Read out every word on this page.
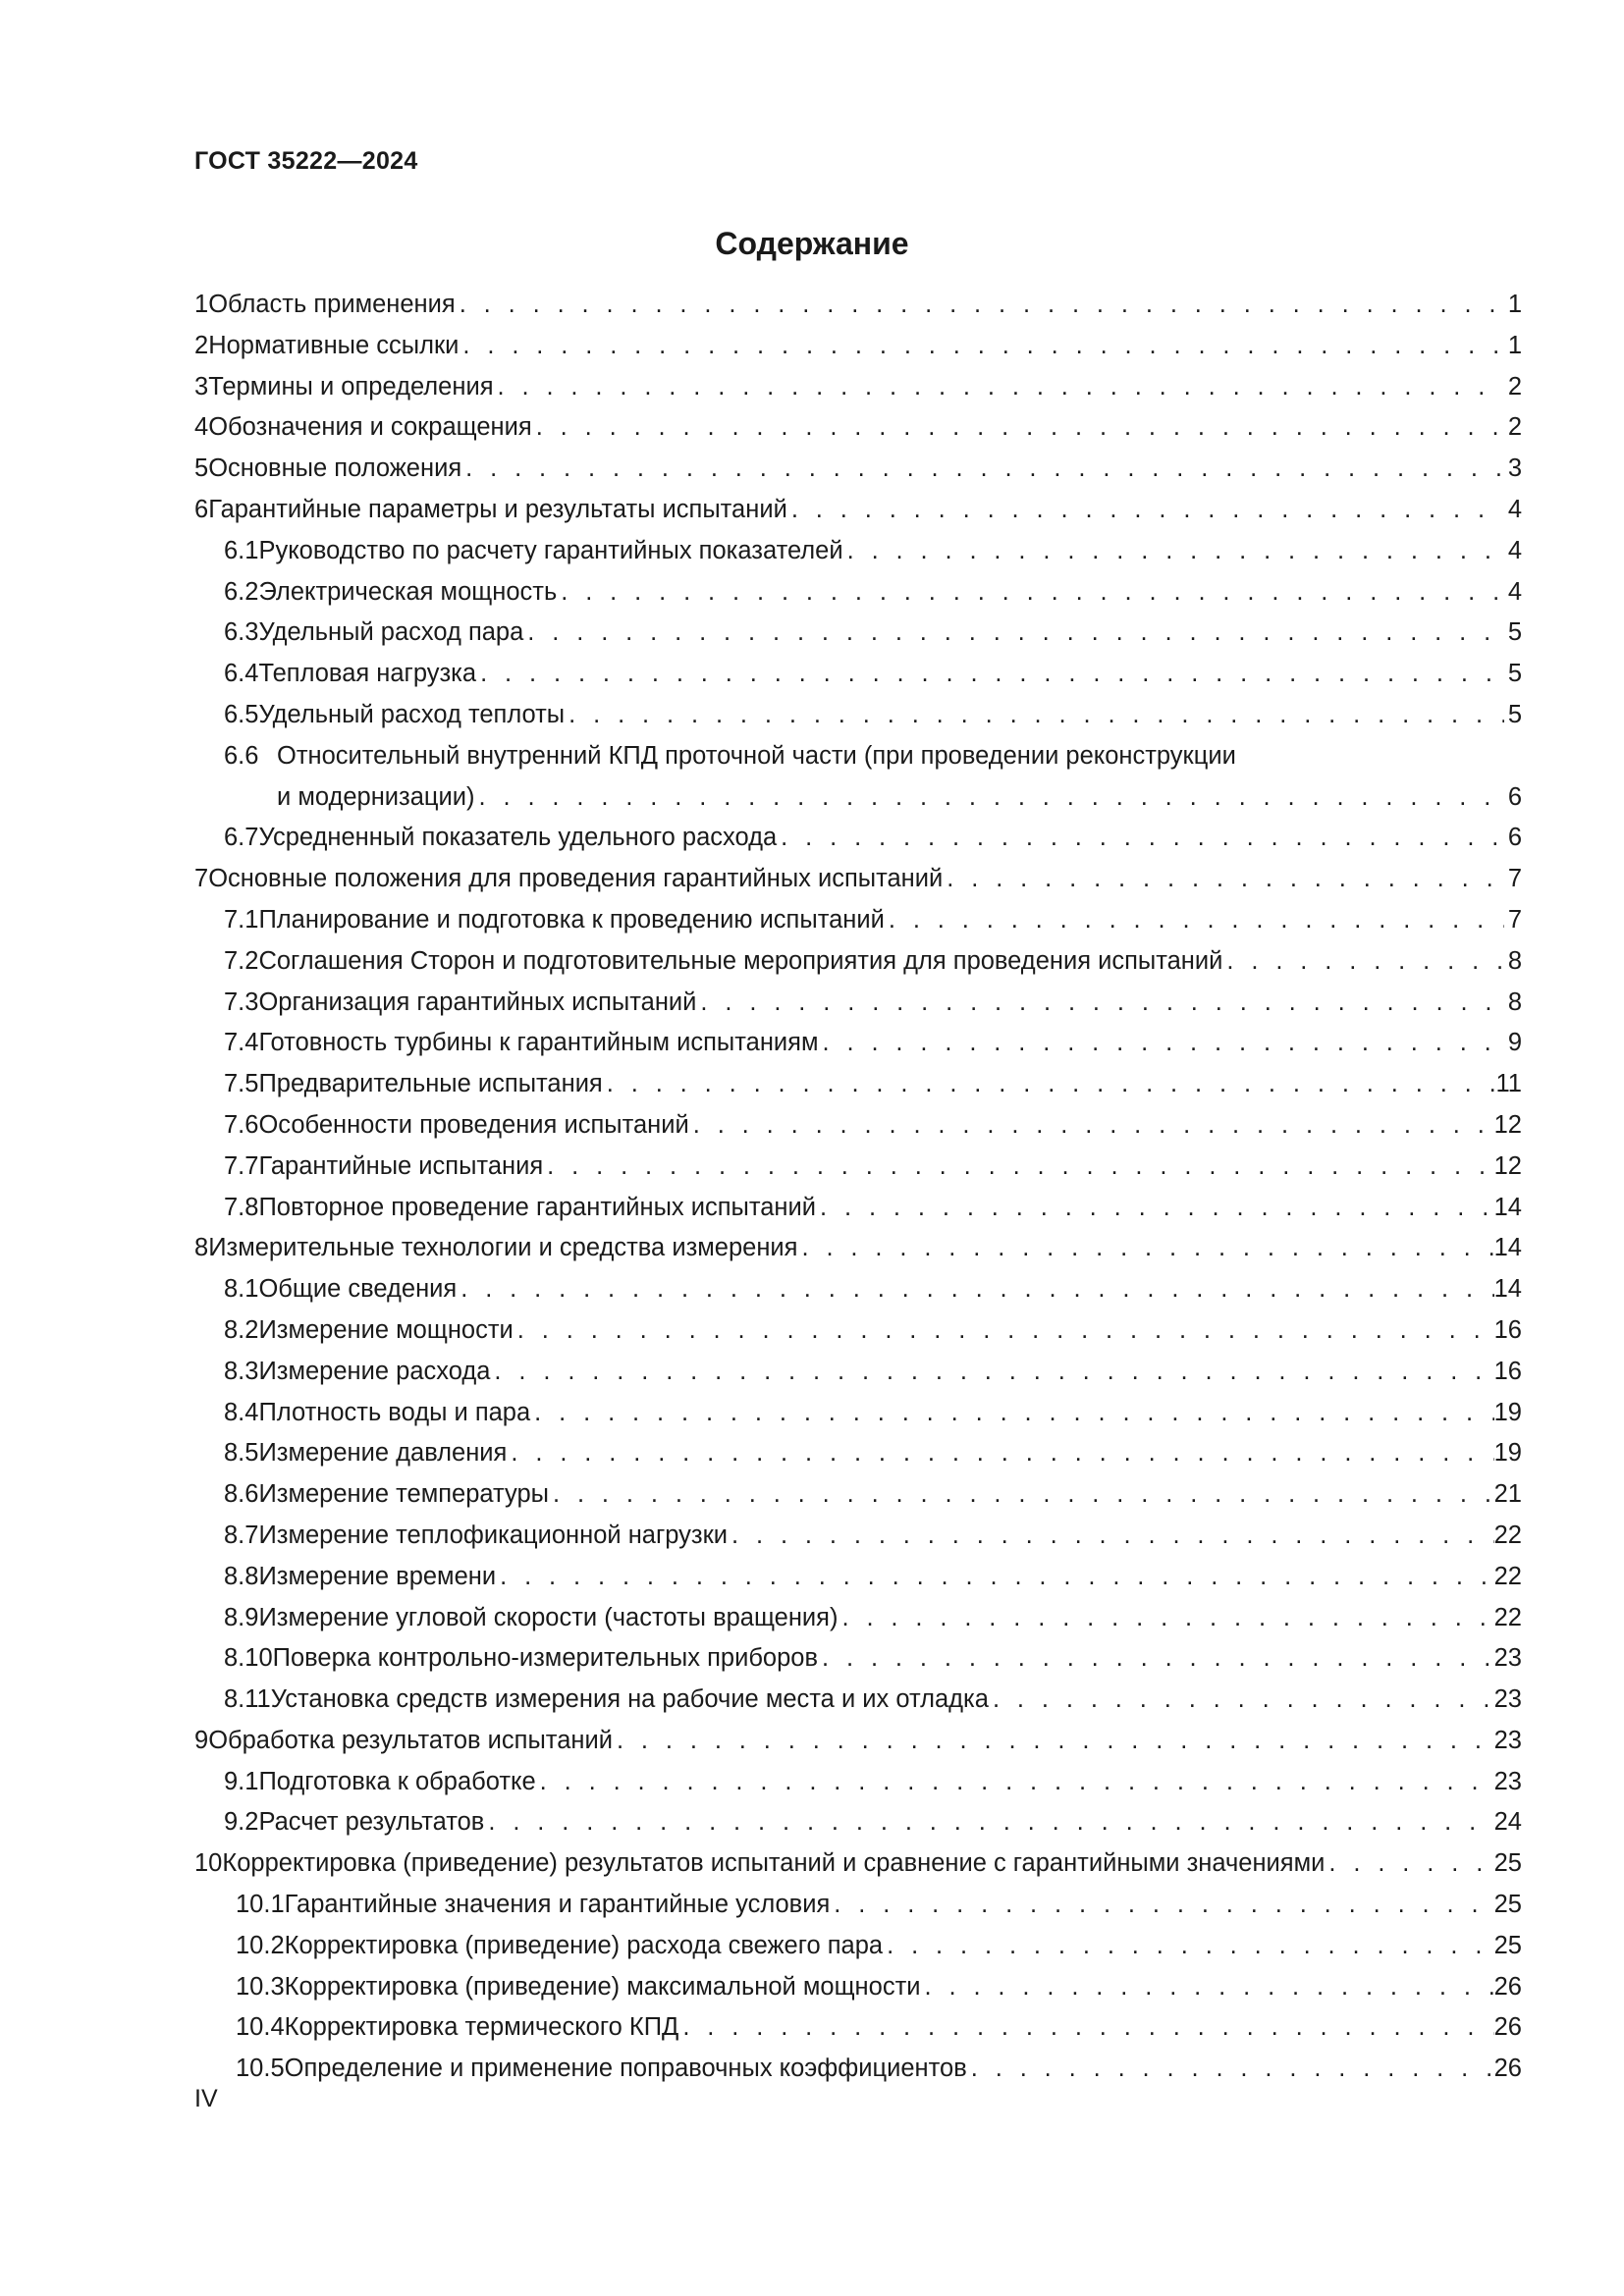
ГОСТ 35222—2024
Содержание
1 Область применения . . .	1
2 Нормативные ссылки . . .	1
3 Термины и определения . . .	2
4 Обозначения и сокращения . . .	2
5 Основные положения . . .	3
6 Гарантийные параметры и результаты испытаний . . .	4
6.1 Руководство по расчету гарантийных показателей . . .	4
6.2 Электрическая мощность . . .	4
6.3 Удельный расход пара . . .	5
6.4 Тепловая нагрузка . . .	5
6.5 Удельный расход теплоты . . .	5
6.6 Относительный внутренний КПД проточной части (при проведении реконструкции
и модернизации) . . .	6
6.7 Усредненный показатель удельного расхода . . .	6
7 Основные положения для проведения гарантийных испытаний . . .	7
7.1 Планирование и подготовка к проведению испытаний . . .	7
7.2 Соглашения Сторон и подготовительные мероприятия для проведения испытаний . . .	8
7.3 Организация гарантийных испытаний . . .	8
7.4 Готовность турбины к гарантийным испытаниям . . .	9
7.5 Предварительные испытания . . .	11
7.6 Особенности проведения испытаний . . .	12
7.7 Гарантийные испытания . . .	12
7.8 Повторное проведение гарантийных испытаний . . .	14
8 Измерительные технологии и средства измерения . . .	14
8.1 Общие сведения . . .	14
8.2 Измерение мощности . . .	16
8.3 Измерение расхода . . .	16
8.4 Плотность воды и пара . . .	19
8.5 Измерение давления . . .	19
8.6 Измерение температуры . . .	21
8.7 Измерение теплофикационной нагрузки . . .	22
8.8 Измерение времени . . .	22
8.9 Измерение угловой скорости (частоты вращения) . . .	22
8.10 Поверка контрольно-измерительных приборов . . .	23
8.11 Установка средств измерения на рабочие места и их отладка . . .	23
9 Обработка результатов испытаний . . .	23
9.1 Подготовка к обработке . . .	23
9.2 Расчет результатов . . .	24
10 Корректировка (приведение) результатов испытаний и сравнение с гарантийными значениями . . .	25
10.1 Гарантийные значения и гарантийные условия . . .	25
10.2 Корректировка (приведение) расхода свежего пара . . .	25
10.3 Корректировка (приведение) максимальной мощности . . .	26
10.4 Корректировка термического КПД . . .	26
10.5 Определение и применение поправочных коэффициентов . . .	26
IV
